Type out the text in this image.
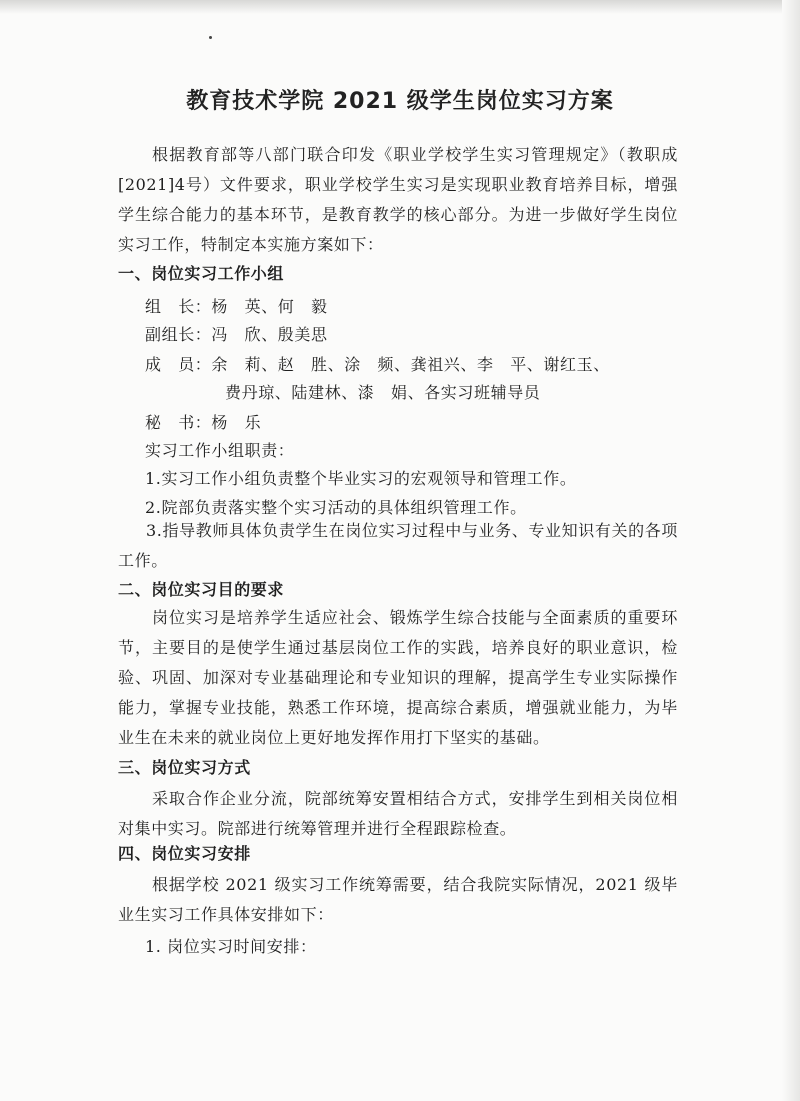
教育技术学院 2021 级学生岗位实习方案
根据教育部等八部门联合印发《职业学校学生实习管理规定》（教职成[2021]4号）文件要求，职业学校学生实习是实现职业教育培养目标，增强学生综合能力的基本环节，是教育教学的核心部分。为进一步做好学生岗位实习工作，特制定本实施方案如下：
一、岗位实习工作小组
组　长：杨　英、何　毅
副组长：冯　欣、殷美思
成　员：余　莉、赵　胜、涂　频、龚祖兴、李　平、谢红玉、
费丹琼、陆建林、漆　娟、各实习班辅导员
秘　书：杨　乐
实习工作小组职责：
1.实习工作小组负责整个毕业实习的宏观领导和管理工作。
2.院部负责落实整个实习活动的具体组织管理工作。
3.指导教师具体负责学生在岗位实习过程中与业务、专业知识有关的各项工作。
二、岗位实习目的要求
岗位实习是培养学生适应社会、锻炼学生综合技能与全面素质的重要环节，主要目的是使学生通过基层岗位工作的实践，培养良好的职业意识，检验、巩固、加深对专业基础理论和专业知识的理解，提高学生专业实际操作能力，掌握专业技能，熟悉工作环境，提高综合素质，增强就业能力，为毕业生在未来的就业岗位上更好地发挥作用打下坚实的基础。
三、岗位实习方式
采取合作企业分流，院部统筹安置相结合方式，安排学生到相关岗位相对集中实习。院部进行统筹管理并进行全程跟踪检查。
四、岗位实习安排
根据学校 2021 级实习工作统筹需要，结合我院实际情况，2021 级毕业生实习工作具体安排如下：
1. 岗位实习时间安排：
